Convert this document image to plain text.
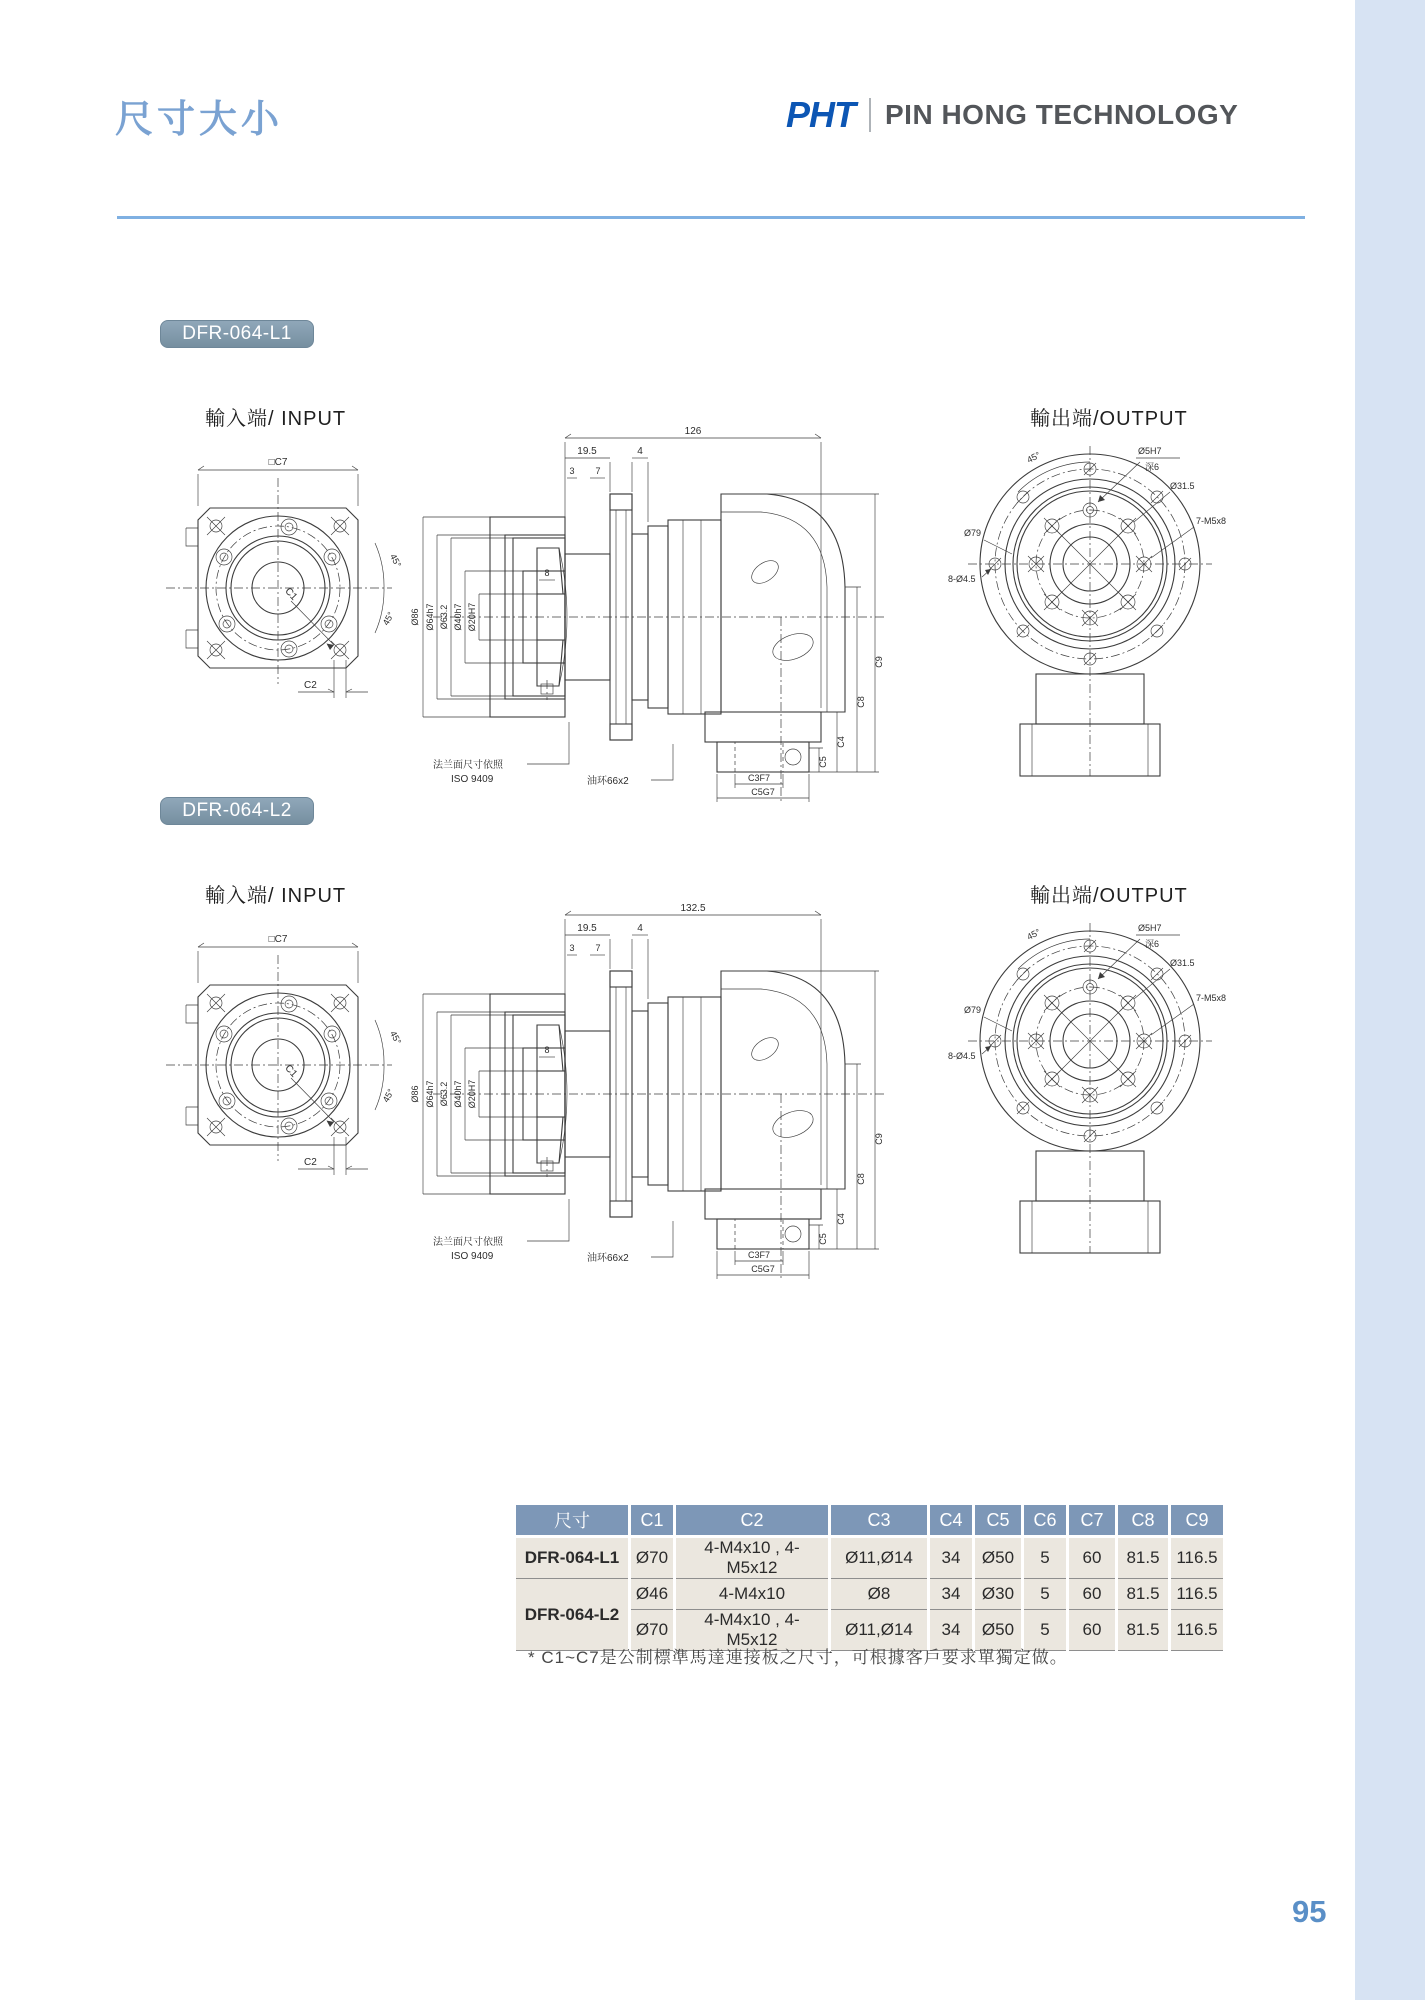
尺寸大小	PHT PIN HONG TECHNOLOGY
DFR-064-L1
輸入端/ INPUT	輸出端/OUTPUT
□C7
45°
45°
C1
C2
126
19.5	4
3 7
Ø86 Ø64h7 Ø63.2 Ø40h7 Ø20H7
8
C4
C8
C9
C5
C3F7
C5G7
法兰面尺寸依照
ISO 9409	油环66x2
45°	Ø5H7
深6
Ø31.5
7-M5x8
Ø79
8-Ø4.5
DFR-064-L2
輸入端/ INPUT	輸出端/OUTPUT
□C7
45°
45°
C1
C2
132.5
19.5	4
3 7
Ø86 Ø64h7 Ø63.2 Ø40h7 Ø20H7
8
C4
C8
C9
C5
C3F7
C5G7
法兰面尺寸依照
ISO 9409	油环66x2
45°	Ø5H7
深6
Ø31.5
7-M5x8
Ø79
8-Ø4.5
尺寸	C1	C2	C3	C4	C5	C6	C7	C8	C9
DFR-064-L1	Ø70	4-M4x10 , 4-M5x12	Ø11,Ø14	34	Ø50	5	60	81.5	116.5
DFR-064-L2	Ø46	4-M4x10	Ø8	34	Ø30	5	60	81.5	116.5
	Ø70	4-M4x10 , 4-M5x12	Ø11,Ø14	34	Ø50	5	60	81.5	116.5
* C1~C7是公制標準馬達連接板之尺寸，可根據客戶要求單獨定做。
95
